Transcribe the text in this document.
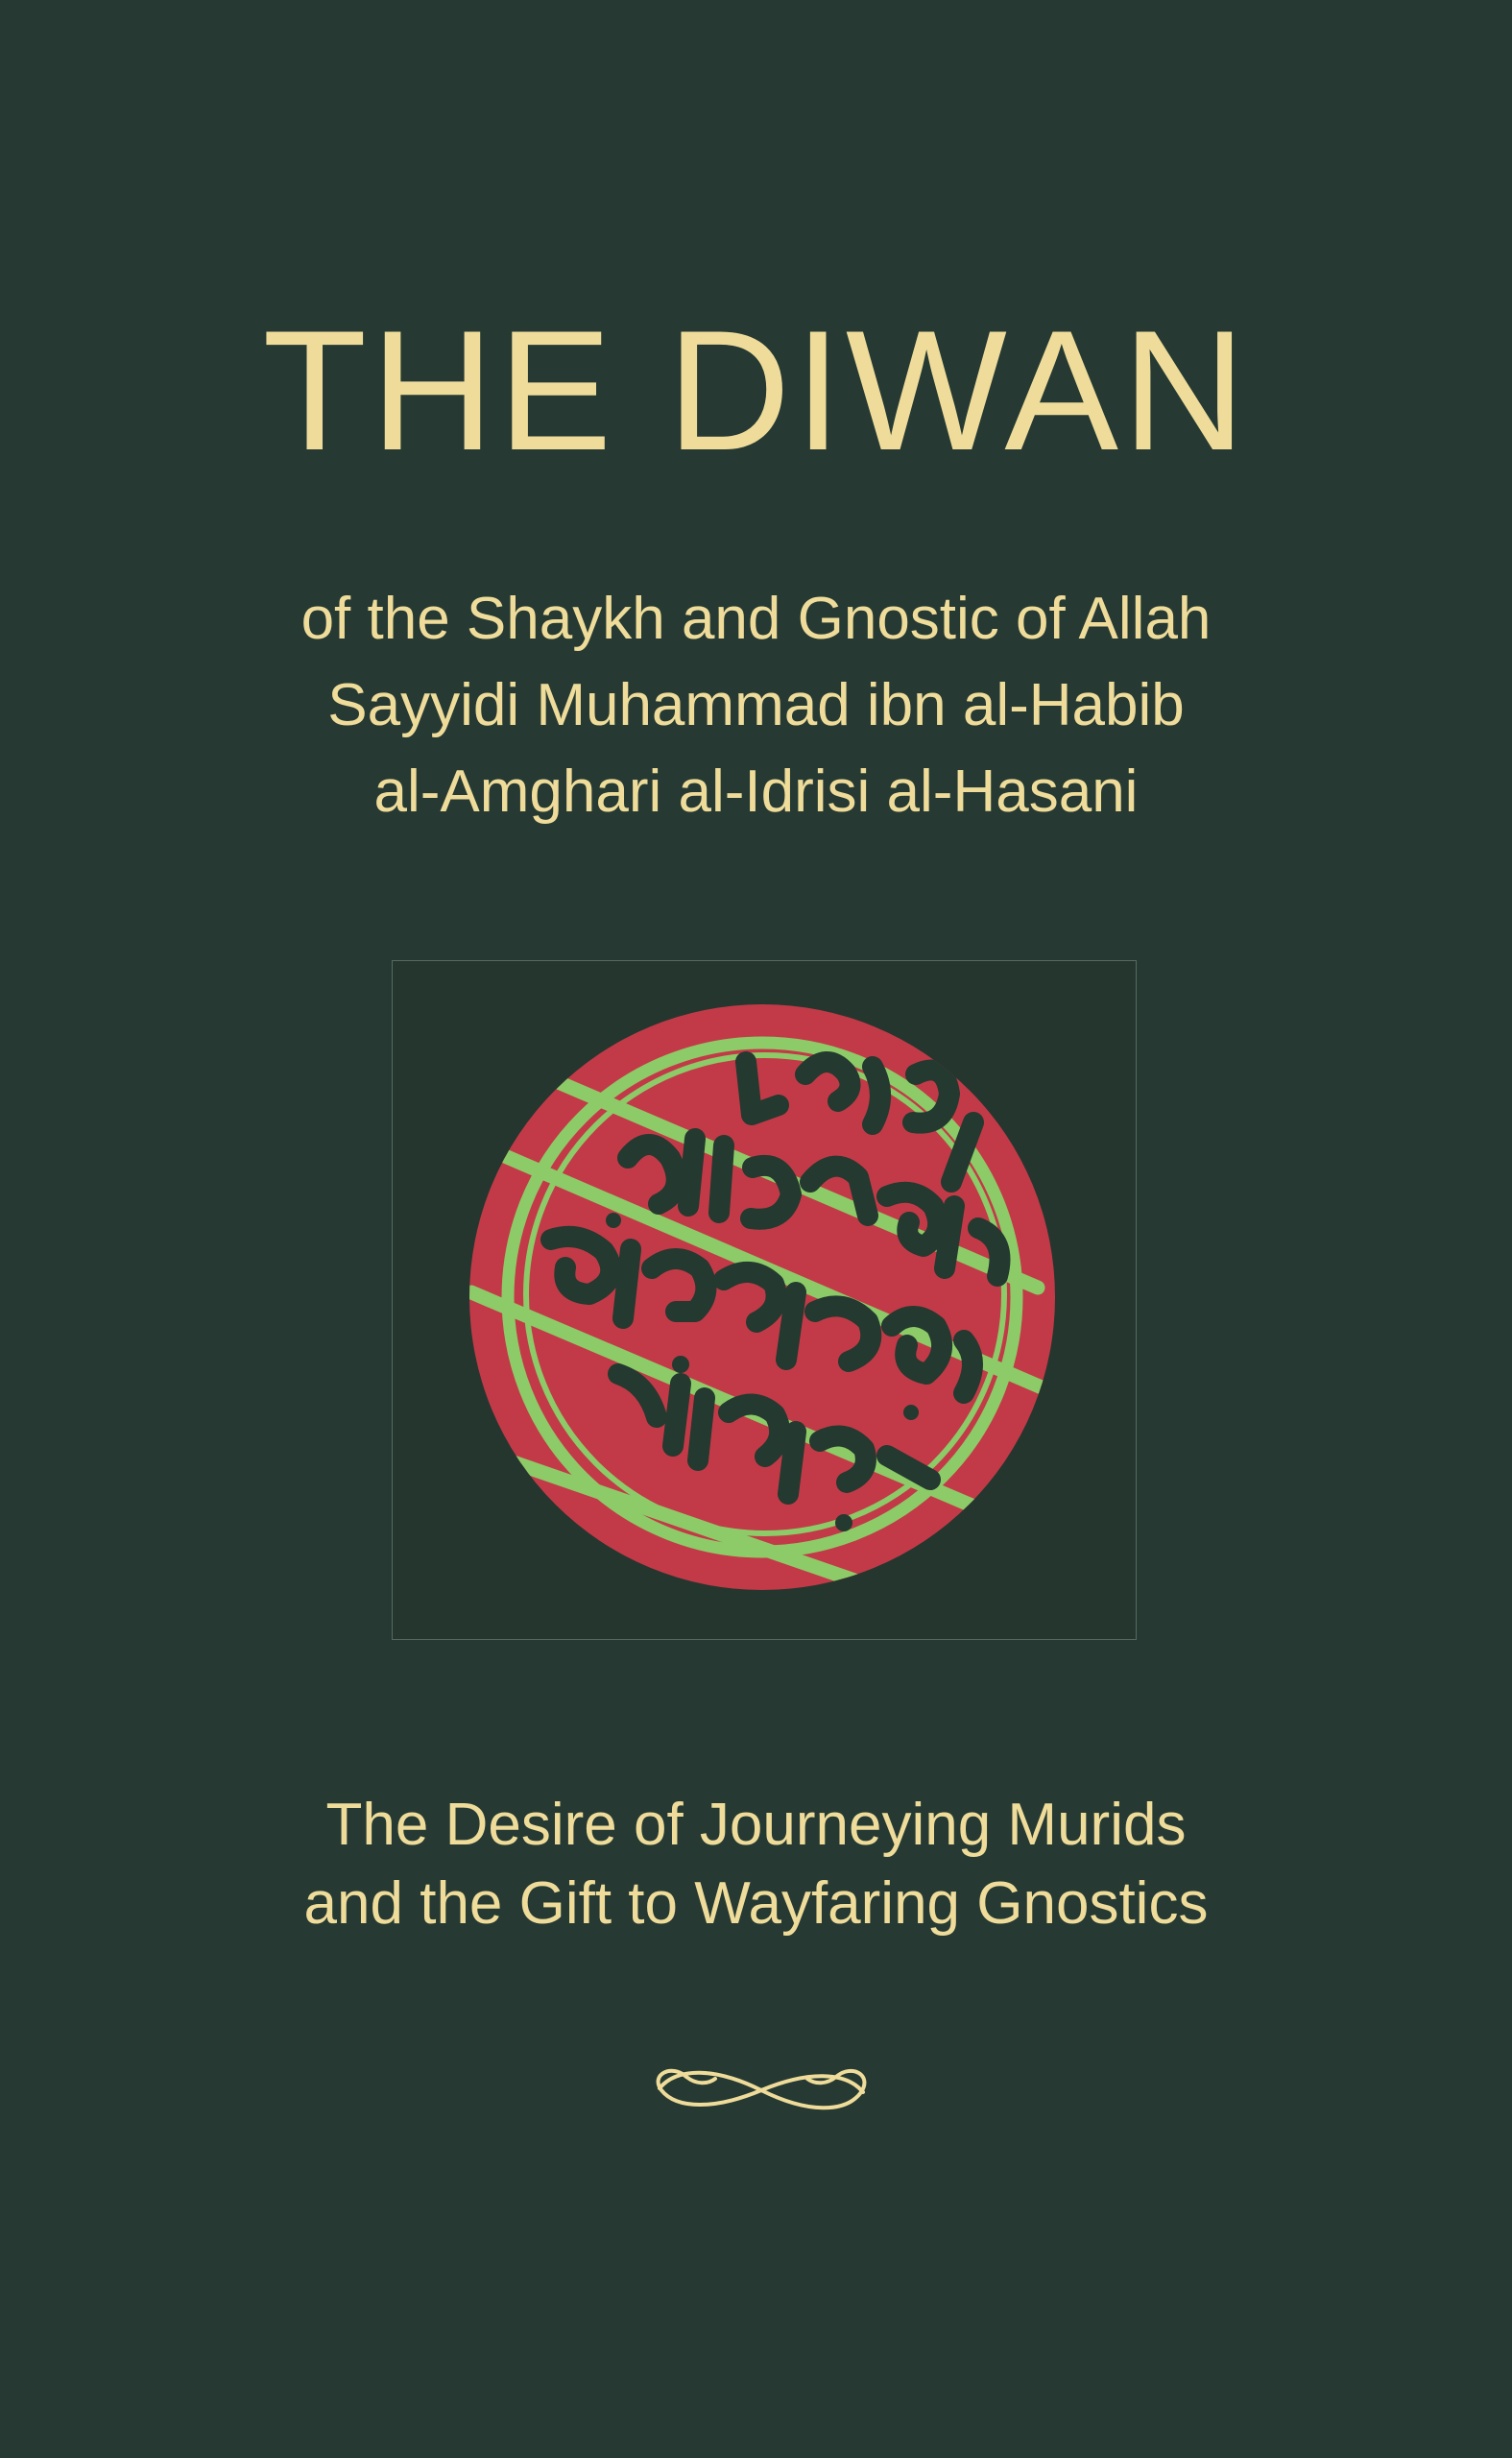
THE DIWAN
of the Shaykh and Gnostic of Allah
Sayyidi Muhammad ibn al-Habib
al-Amghari al-Idrisi al-Hasani
The Desire of Journeying Murids
and the Gift to Wayfaring Gnostics
